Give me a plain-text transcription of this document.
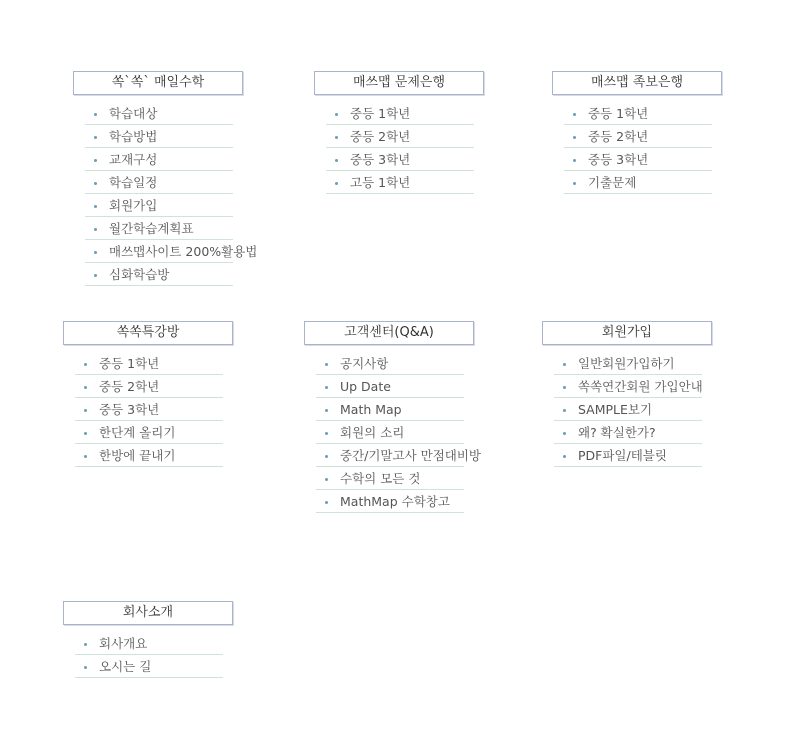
쏙`쏙` 매일수학
학습대상
학습방법
교재구성
학습일정
회원가입
월간학습계획표
매쓰맵사이트 200%활용법
심화학습방
매쓰맵 문제은행
중등 1학년
중등 2학년
중등 3학년
고등 1학년
매쓰맵 족보은행
중등 1학년
중등 2학년
중등 3학년
기출문제
쏙쏙특강방
중등 1학년
중등 2학년
중등 3학년
한단계 올리기
한방에 끝내기
고객센터(Q&A)
공지사항
Up Date
Math Map
회원의 소리
중간/기말고사 만점대비방
수학의 모든 것
MathMap 수학창고
회원가입
일반회원가입하기
쏙쏙연간회원 가입안내
SAMPLE보기
왜? 확실한가?
PDF파일/테블릿
회사소개
회사개요
오시는 길
